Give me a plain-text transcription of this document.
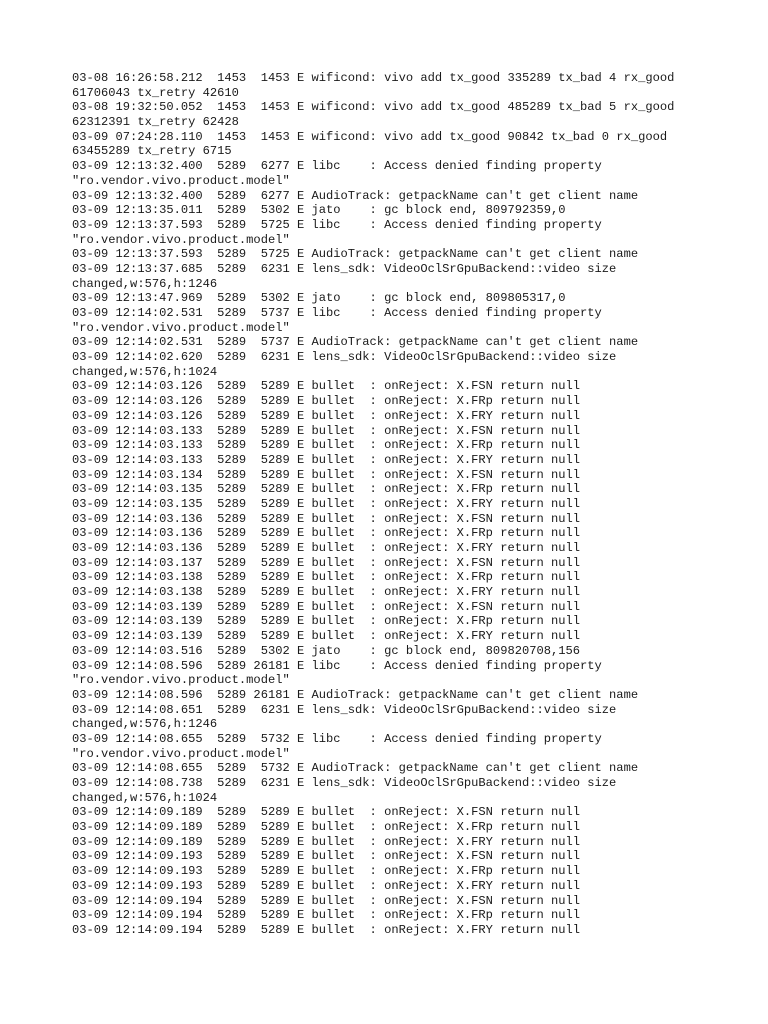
03-08 16:26:58.212  1453  1453 E wificond: vivo add tx_good 335289 tx_bad 4 rx_good
61706043 tx_retry 42610
03-08 19:32:50.052  1453  1453 E wificond: vivo add tx_good 485289 tx_bad 5 rx_good
62312391 tx_retry 62428
03-09 07:24:28.110  1453  1453 E wificond: vivo add tx_good 90842 tx_bad 0 rx_good
63455289 tx_retry 6715
03-09 12:13:32.400  5289  6277 E libc    : Access denied finding property
"ro.vendor.vivo.product.model"
03-09 12:13:32.400  5289  6277 E AudioTrack: getpackName can't get client name
03-09 12:13:35.011  5289  5302 E jato    : gc block end, 809792359,0
03-09 12:13:37.593  5289  5725 E libc    : Access denied finding property
"ro.vendor.vivo.product.model"
03-09 12:13:37.593  5289  5725 E AudioTrack: getpackName can't get client name
03-09 12:13:37.685  5289  6231 E lens_sdk: VideoOclSrGpuBackend::video size
changed,w:576,h:1246
03-09 12:13:47.969  5289  5302 E jato    : gc block end, 809805317,0
03-09 12:14:02.531  5289  5737 E libc    : Access denied finding property
"ro.vendor.vivo.product.model"
03-09 12:14:02.531  5289  5737 E AudioTrack: getpackName can't get client name
03-09 12:14:02.620  5289  6231 E lens_sdk: VideoOclSrGpuBackend::video size
changed,w:576,h:1024
03-09 12:14:03.126  5289  5289 E bullet  : onReject: X.FSN return null
03-09 12:14:03.126  5289  5289 E bullet  : onReject: X.FRp return null
03-09 12:14:03.126  5289  5289 E bullet  : onReject: X.FRY return null
03-09 12:14:03.133  5289  5289 E bullet  : onReject: X.FSN return null
03-09 12:14:03.133  5289  5289 E bullet  : onReject: X.FRp return null
03-09 12:14:03.133  5289  5289 E bullet  : onReject: X.FRY return null
03-09 12:14:03.134  5289  5289 E bullet  : onReject: X.FSN return null
03-09 12:14:03.135  5289  5289 E bullet  : onReject: X.FRp return null
03-09 12:14:03.135  5289  5289 E bullet  : onReject: X.FRY return null
03-09 12:14:03.136  5289  5289 E bullet  : onReject: X.FSN return null
03-09 12:14:03.136  5289  5289 E bullet  : onReject: X.FRp return null
03-09 12:14:03.136  5289  5289 E bullet  : onReject: X.FRY return null
03-09 12:14:03.137  5289  5289 E bullet  : onReject: X.FSN return null
03-09 12:14:03.138  5289  5289 E bullet  : onReject: X.FRp return null
03-09 12:14:03.138  5289  5289 E bullet  : onReject: X.FRY return null
03-09 12:14:03.139  5289  5289 E bullet  : onReject: X.FSN return null
03-09 12:14:03.139  5289  5289 E bullet  : onReject: X.FRp return null
03-09 12:14:03.139  5289  5289 E bullet  : onReject: X.FRY return null
03-09 12:14:03.516  5289  5302 E jato    : gc block end, 809820708,156
03-09 12:14:08.596  5289 26181 E libc    : Access denied finding property
"ro.vendor.vivo.product.model"
03-09 12:14:08.596  5289 26181 E AudioTrack: getpackName can't get client name
03-09 12:14:08.651  5289  6231 E lens_sdk: VideoOclSrGpuBackend::video size
changed,w:576,h:1246
03-09 12:14:08.655  5289  5732 E libc    : Access denied finding property
"ro.vendor.vivo.product.model"
03-09 12:14:08.655  5289  5732 E AudioTrack: getpackName can't get client name
03-09 12:14:08.738  5289  6231 E lens_sdk: VideoOclSrGpuBackend::video size
changed,w:576,h:1024
03-09 12:14:09.189  5289  5289 E bullet  : onReject: X.FSN return null
03-09 12:14:09.189  5289  5289 E bullet  : onReject: X.FRp return null
03-09 12:14:09.189  5289  5289 E bullet  : onReject: X.FRY return null
03-09 12:14:09.193  5289  5289 E bullet  : onReject: X.FSN return null
03-09 12:14:09.193  5289  5289 E bullet  : onReject: X.FRp return null
03-09 12:14:09.193  5289  5289 E bullet  : onReject: X.FRY return null
03-09 12:14:09.194  5289  5289 E bullet  : onReject: X.FSN return null
03-09 12:14:09.194  5289  5289 E bullet  : onReject: X.FRp return null
03-09 12:14:09.194  5289  5289 E bullet  : onReject: X.FRY return null
